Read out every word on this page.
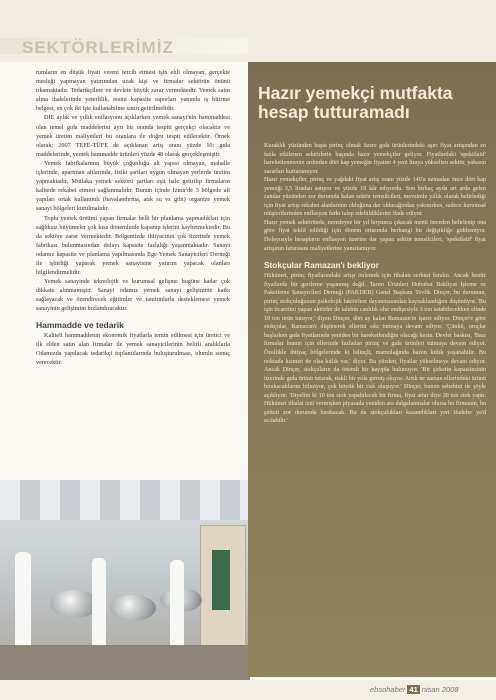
SEKTÖRLERİMİZ

rumların en düşük fiyatı vereni tercih etmesi işin ehli olmayan, gerçekte mesleği yapmayan yatırımdan uzak kişi ve firmalar sektörün önünü tıkamaktadır. Tedarikçilere ve devlete büyük zarar vermektedir. Yemek satın alma ihalelerinde yeterlilik, resmi kapasite raporları yanında iş bitirme belgesi, en çok iki işte kullanabilme sınırı getirilmelidir.

DİE aylık ve yıllık enflasyonu açıklarken yemek sanayi'nin hammaddesi olan temel gıda maddelerini ayrı bir oranda tespiti gerçekçi olacaktır ve yemek üretim maliyetleri bu oranlara ile doğru tespit edilecektir. Örnek olarak; 2007 TEFE-TÜFE de açıklanan artış oranı yüzde 10; gıda maddelerinde, yemek hammadde ürünleri yüzde 48 olarak gerçekleşmiştir.

Yemek fabrikalarının büyük çoğunluğu alt yapısı olmayan, mahalle içlerinde, apartman altlarında, fiziki şartları uygun olmayan yerlerde üretim yapmaktadır. Mutlaka yemek sektörü şartları eşit hale getirilip firmaların kalitede rekabet etmesi sağlanmalıdır. Bunun içinde İzmir'de 3 bölgede alt yapıları ortak kullanımlı (havalandırma, atık su vs gibi) organize yemek sanayi bölgeleri kurulmalıdır.

Toplu yemek üretimi yapan firmalar belli bir planlama yapmadıkları için sağlıksız büyümeler çok kısa dönemlerde kapanıp işlerini kaybetmektedir. Bu da sektöre zarar vermektedir. Bölgemizde ihtiyacının çok üzerinde yemek fabrikası bulunmasından dolayı kapasite fazlalığı yaşanmaktadır. Sanayi odamız kapasite ve planlama yapılmasında Ege Yemek Sanayicileri Derneği ile işbirliği yaparak yemek sanayisine yatırım yapacak olanları bilgilendirmelidir.

Yemek sanayinde teknolojik ve kurumsal gelişme bugüne kadar çok dikkate alınmamıştır. Sanayi odamız yemek sanayi gelişimine katkı sağlayacak ve özendirecek eğitimler ve tanıtımlarla desteklemesi yemek sanayinin gelişimini hızlandıracaktır.

Hammadde ve tedarik

Kaliteli hammaddenin ekonomik fiyatlarla temin edilmesi için üretici ve ilk elden satın alan firmalar ile yemek sanayicilerinin belirli aralıklarla Odamızda yapılacak tedarikçi toplantılarında buluşturulması, olumlu sonuç verecektir.

Hazır yemekçi mutfakta hesap tutturamadı

Kuraklık yüzünden başta pirinç olmak üzere gıda ürünlerindeki aşırı fiyat artışından en fazla etkilenen sektörlerin başında hazır yemekçiler geliyor. Fiyatlardaki 'spekülatif' hareketlenmenin ardından dört kap yemeğin fiyatını 4 yeni liraya yükselten sektör, yakasın zararları kurtaramıyor.

Hazır yemekçiler, pirinç ve yağdaki fiyat artış oranı yüzde 140'a uzmadan önce dört kap yemeği 3,5 liradan satıyor ve yüzde 10 kâr ediyordu. Son birkaç ayda art arda gelen zamlar yüzünden zor durumda kalan sektör temsilcileri, mevsimle yıllık olarak belirlediği için fiyat artışı rekabet alanlarının olduğuna dar oldurağından yakınırken, sadece kurumsal müşterilerinden enflasyon farkı talep edebildiklerini ifade ediyor.

Hazır yemek sektöründe, neredeyse bir yıl boyunca çıkacak menü önceden belirlenip ona göre fiyat teklif edildiği için dönem ortasında herhangi bir değişikliğe gidilemiyor. Dolayısıyla hesapların enflasyon üzerine dar yapan sektör temsilcileri, 'spekülatif' fiyat artışının faturasını maliyetlerine yansıtamıyor.

Stokçular Ramazan'ı bekliyor

Hükümet, pirinç fiyatlarındaki artışı önlemek için ithalatı serbest bıraktı. Ancak henüz fiyatlarda bir gerileme yaşanmış değil. Tarım Ürünleri Hububat Bakliyat İşleme ve Paketleme Sanayicileri Derneği (PAKDER) Genel Başkanı Tevfik Dinçer, bu durumun, pirinç stokçuluğunun psikolojik faktörlere dayanmasından kaynaklandığını düşünüyor. 'Bu işin ticaretini yapan aktörler de talebin canlılık olur endişesiyle 3 ton satabilecekken elinde 10 ton ürün tutuyor,' diyen Dinçer, dört ay kalan Ramazan'ın işaret ediyor. Dinçer'e göre stokçular, Ramazan'ı düşünerek ellerini sıkı tutmaya devam ediyor. 'Çünkü, oruçlar başlarken gıda fiyatlarında yeniden bir hareketlendiğin olacağı kesin. Devlet baskısı, 'Bazı firmalar bunun için ellerinde fazladan pirinç ve gıda ürünleri tutmaya devam ediyor. Özellikle ihtiyaç bölgelerinde ki bilinçli, mamulağında bazen kıtlık yaşanabilir. Bu noktada kısmen de olsa kıtlık var,' diyor. Bu yüzden, fiyatlar yükselmeye devam ediyor. Ancak Dinçer, stokçuların da önemli bir kayıpla bulunuyor. 'Bir şirketin kapasitesinin üzerinde gıda ürünü tutarak, riskli bir yola girmiş oluyor. Artık ne zaman ellerindeki ürünü bırakacaklarını bilmiyor, çok büyük bir risk oluşuyor.' Dinçer, bunun sebebini de şöyle açıklıyor: 'Diyelim ki 10 ton stok yapabilecek bir firma, fiyat artar diye 20 ton stok yaptı. Hükümet ithalat izni vermişken piyasada yeniden ara dalgalanmalar olursa bu firmanın, bu şirketi zor durumda bırakacak. Bu da stokçulukları kazandıkları yeri ifadeler ya'd acılabilir.'

ebsohaber 41 nisan 2008
